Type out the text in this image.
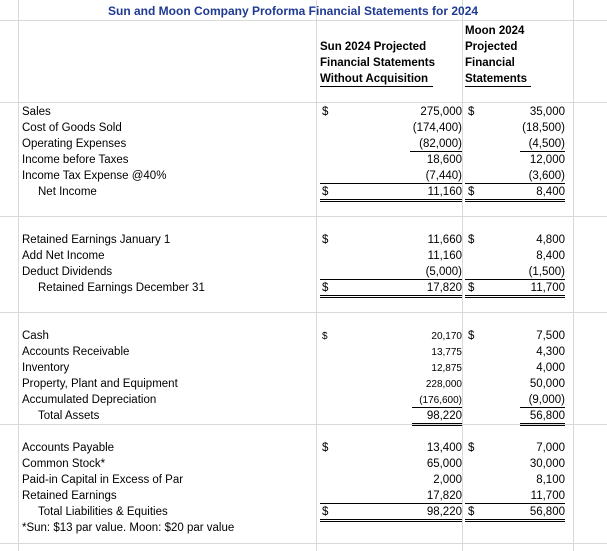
Sun and Moon Company Proforma Financial Statements for 2024
Sun 2024 Projected
Financial Statements
Without Acquisition
Moon 2024
Projected
Financial
Statements
Sales	$	275,000 $	35,000
Cost of Goods Sold	(174,400)	(18,500)
Operating Expenses	(82,000)	(4,500)
Income before Taxes	18,600	12,000
Income Tax Expense @40%	(7,440)	(3,600)
Net Income	$	11,160 $	8,400
Retained Earnings January 1	$	11,660 $	4,800
Add Net Income	11,160	8,400
Deduct Dividends	(5,000)	(1,500)
Retained Earnings December 31	$	17,820 $	11,700
Cash	$	20,170 $	7,500
Accounts Receivable	13,775	4,300
Inventory	12,875	4,000
Property, Plant and Equipment	228,000	50,000
Accumulated Depreciation	(176,600)	(9,000)
Total Assets	98,220	56,800
Accounts Payable	$	13,400 $	7,000
Common Stock*	65,000	30,000
Paid-in Capital in Excess of Par	2,000	8,100
Retained Earnings	17,820	11,700
Total Liabilities & Equities	$	98,220 $	56,800
*Sun: $13 par value. Moon: $20 par value
